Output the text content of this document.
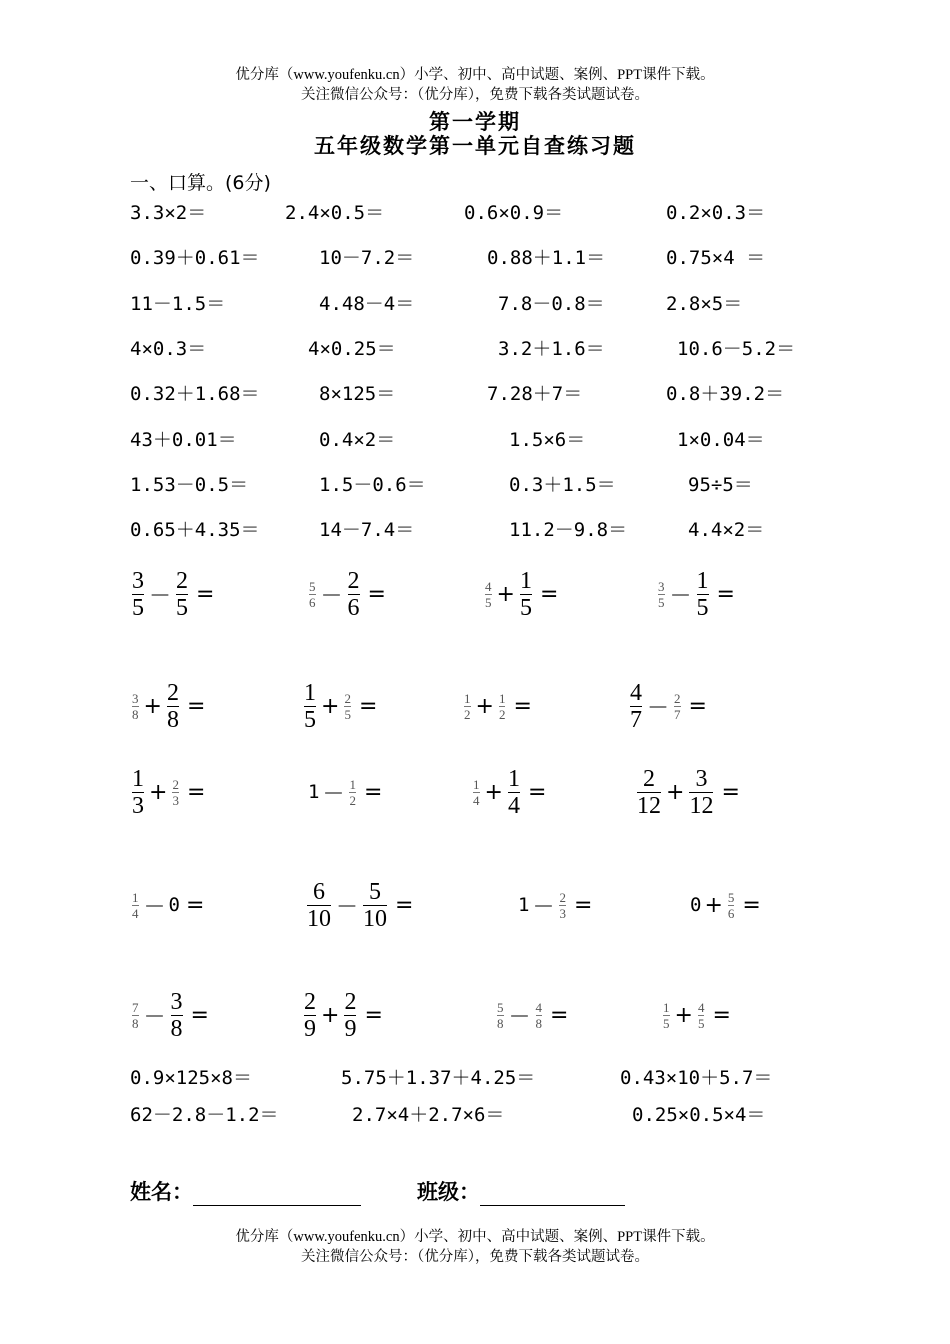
优分库（www.youfenku.cn）小学、初中、高中试题、案例、PPT课件下载。
关注微信公众号：（优分库），免费下载各类试题试卷。
第一学期
五年级数学第一单元自查练习题
一、口算。(6分)
3.3×2＝	2.4×0.5＝	0.6×0.9＝	0.2×0.3＝
0.39＋0.61＝	10－7.2＝	0.88＋1.1＝	0.75×4 ＝
11－1.5＝	4.48－4＝	7.8－0.8＝	2.8×5＝
4×0.3＝	4×0.25＝	3.2＋1.6＝	10.6－5.2＝
0.32＋1.68＝	8×125＝	7.28＋7＝	0.8＋39.2＝
43＋0.01＝	0.4×2＝	1.5×6＝	1×0.04＝
1.53－0.5＝	1.5－0.6＝	0.3＋1.5＝	95÷5＝
0.65＋4.35＝	14－7.4＝	11.2－9.8＝	4.4×2＝
$\frac{3}{5} - \frac{2}{5}$ =	$\frac{5}{6} - \frac{2}{6}$ =	$\frac{4}{5} + \frac{1}{5}$ =	$\frac{3}{5} - \frac{1}{5}$ =
$\frac{3}{8} + \frac{2}{8}$ =	$\frac{1}{5} + \frac{2}{5}$ =	$\frac{1}{2} + \frac{1}{2}$ =	$\frac{4}{7} - \frac{2}{7}$ =
$\frac{1}{3} + \frac{2}{3}$ =	$1 - \frac{1}{2}$ =	$\frac{1}{4} + \frac{1}{4}$ =	$\frac{2}{12} + \frac{3}{12}$ =
$\frac{1}{4} - 0$ =	$\frac{6}{10} - \frac{5}{10}$ =	$1 - \frac{2}{3}$ =	$0 + \frac{5}{6}$ =
$\frac{7}{8} - \frac{3}{8}$ =	$\frac{2}{9} + \frac{2}{9}$ =	$\frac{5}{8} - \frac{4}{8}$ =	$\frac{1}{5} + \frac{4}{5}$ =
0.9×125×8＝	5.75＋1.37＋4.25＝	0.43×10＋5.7＝
62－2.8－1.2＝	2.7×4＋2.7×6＝	0.25×0.5×4＝
姓名：	班级：
优分库（www.youfenku.cn）小学、初中、高中试题、案例、PPT课件下载。
关注微信公众号：（优分库），免费下载各类试题试卷。
